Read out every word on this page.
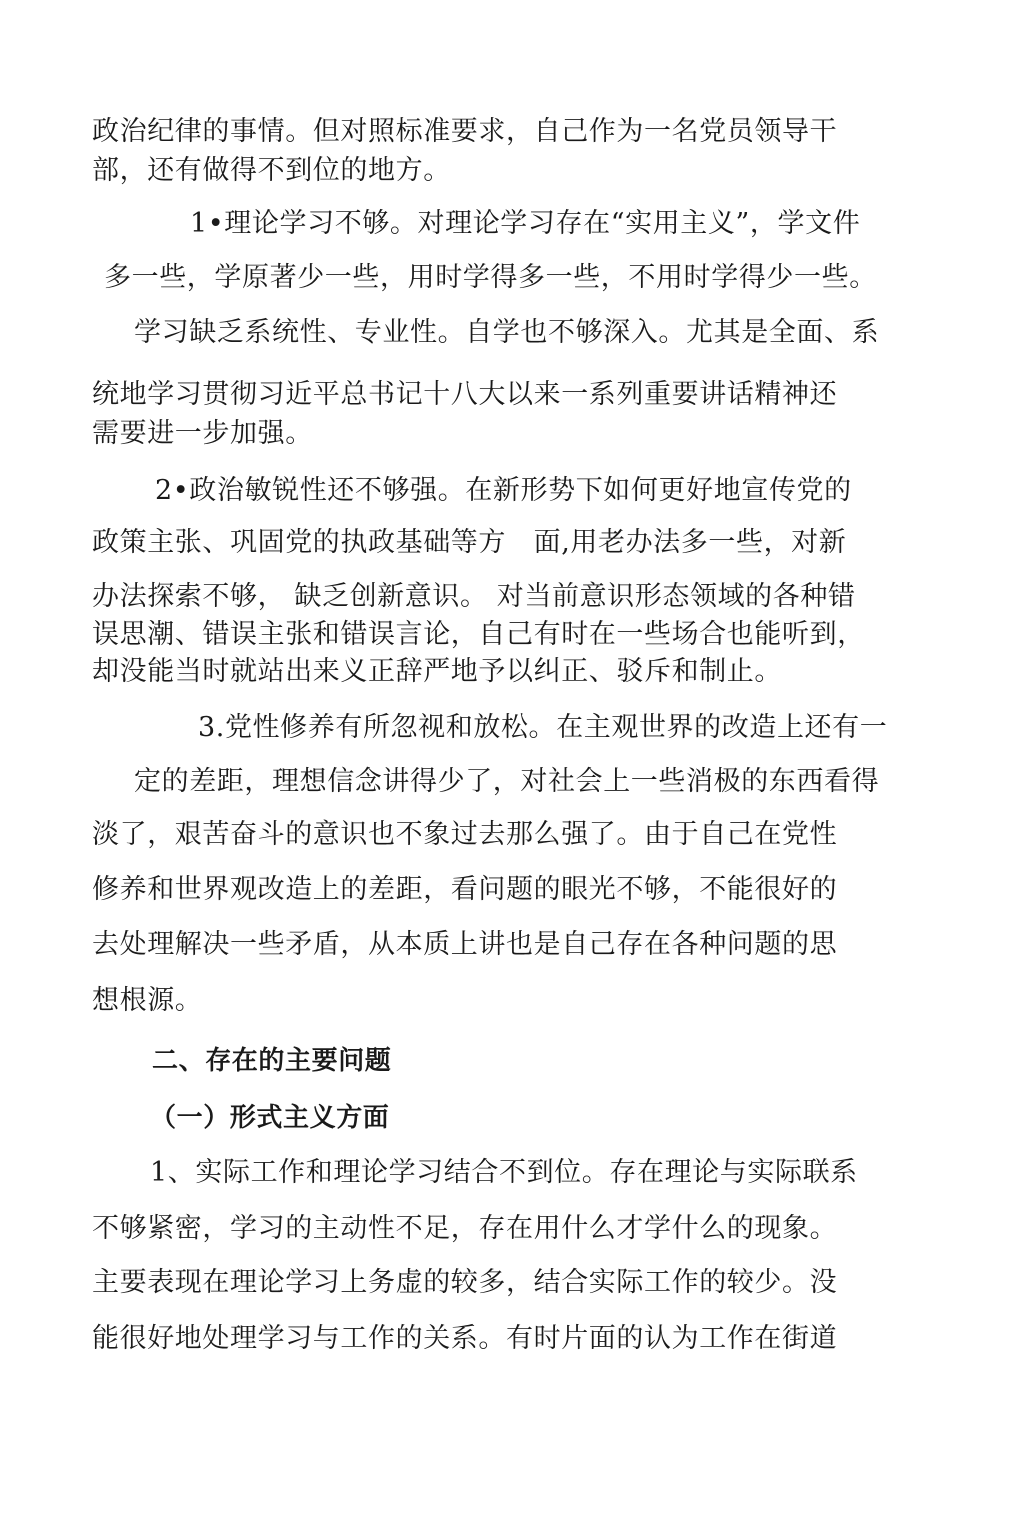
政治纪律的事情。但对照标准要求，自己作为一名党员领导干
部，还有做得不到位的地方。
1•理论学习不够。对理论学习存在“实用主义”，学文件
多一些，学原著少一些，用时学得多一些，不用时学得少一些。
学习缺乏系统性、专业性。自学也不够深入。尤其是全面、系
统地学习贯彻习近平总书记十八大以来一系列重要讲话精神还
需要进一步加强。
2•政治敏锐性还不够强。在新形势下如何更好地宣传党的
政策主张、巩固党的执政基础等方　面,用老办法多一些，对新
办法探索不够， 缺乏创新意识。 对当前意识形态领域的各种错
误思潮、错误主张和错误言论，自己有时在一些场合也能听到，
却没能当时就站出来义正辞严地予以纠正、驳斥和制止。
3.党性修养有所忽视和放松。在主观世界的改造上还有一
定的差距，理想信念讲得少了，对社会上一些消极的东西看得
淡了，艰苦奋斗的意识也不象过去那么强了。由于自己在党性
修养和世界观改造上的差距，看问题的眼光不够，不能很好的
去处理解决一些矛盾，从本质上讲也是自己存在各种问题的思
想根源。
二、存在的主要问题
（一）形式主义方面
1、实际工作和理论学习结合不到位。存在理论与实际联系
不够紧密，学习的主动性不足，存在用什么才学什么的现象。
主要表现在理论学习上务虚的较多，结合实际工作的较少。没
能很好地处理学习与工作的关系。有时片面的认为工作在街道
